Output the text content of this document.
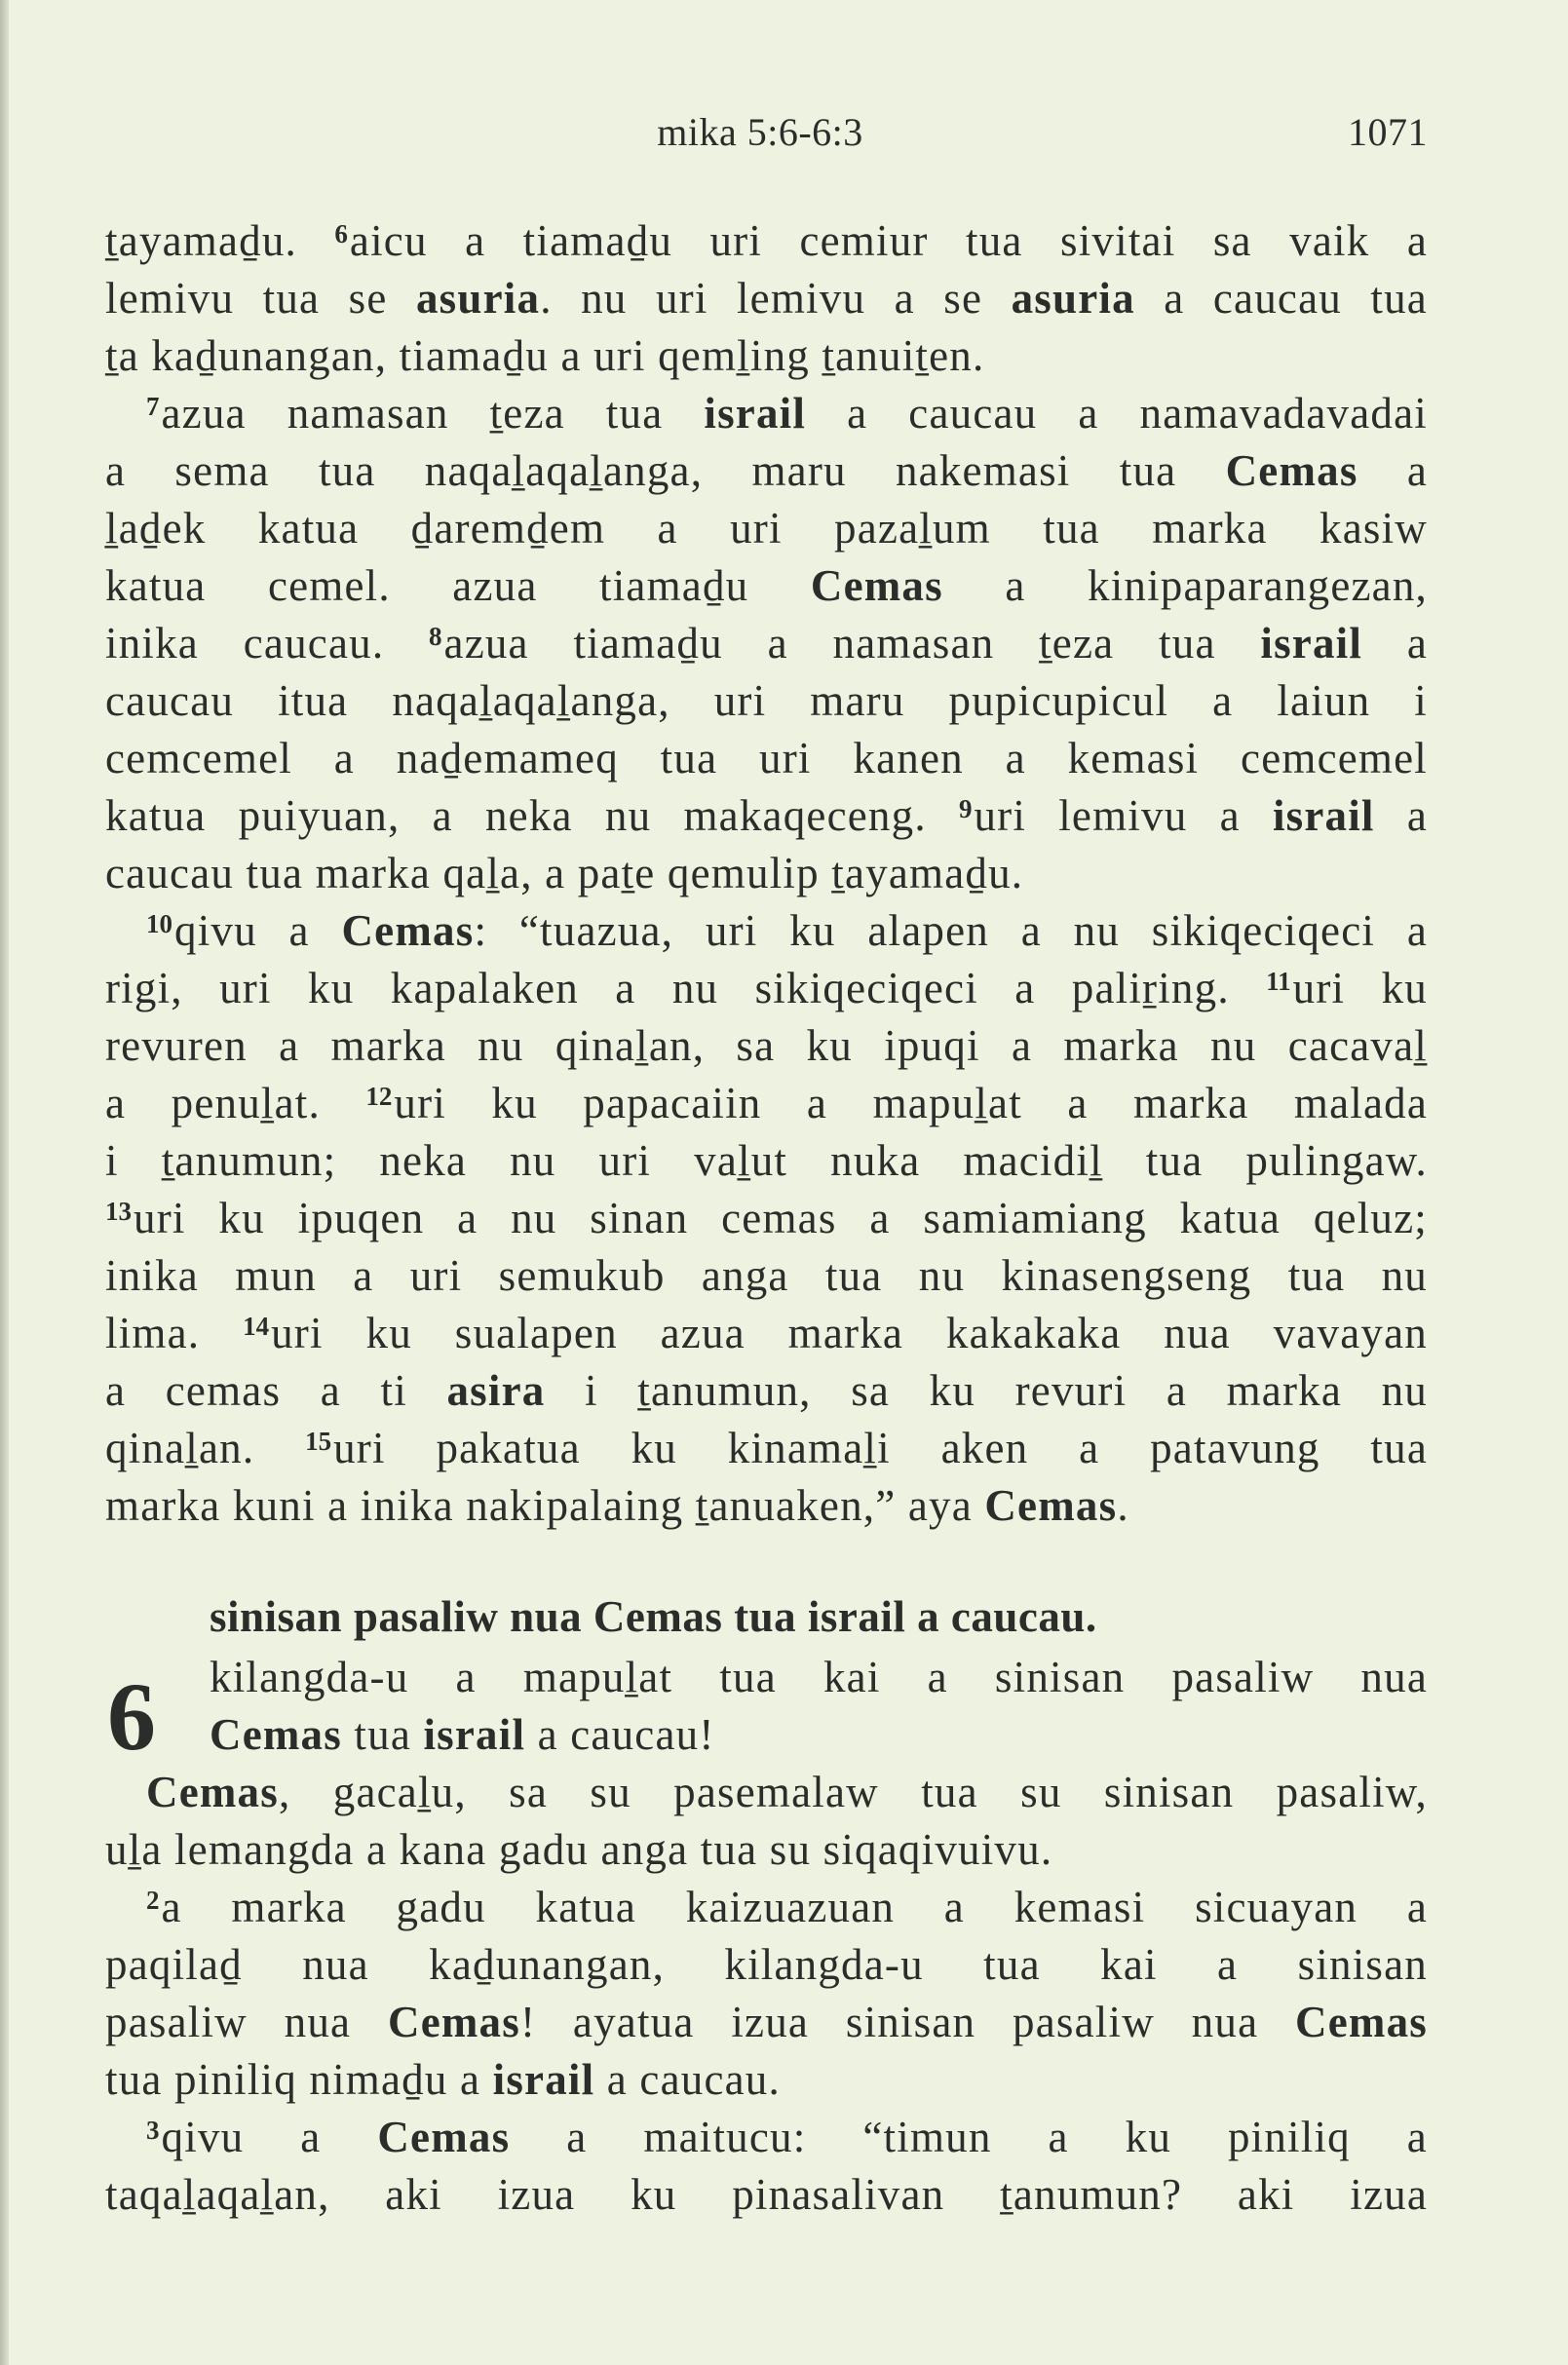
mika 5:6-6:3	1071
ṯayamaḏu. $^6$aicu a tiamaḏu uri cemiur tua sivitai sa vaik a
lemivu tua se asuria. nu uri lemivu a se asuria a caucau tua
ṯa kaḏunangan, tiamaḏu a uri qemḻing ṯanuiṯen.
$^7$azua namasan ṯeza tua israil a caucau a namavadavadai
a sema tua naqaḻaqaḻanga, maru nakemasi tua Cemas a
ḻaḏek katua ḏaremḏem a uri pazaḻum tua marka kasiw
katua cemel. azua tiamaḏu Cemas a kinipaparangezan,
inika caucau. $^8$azua tiamaḏu a namasan ṯeza tua israil a
caucau itua naqaḻaqaḻanga, uri maru pupicupicul a laiun i
cemcemel a naḏemameq tua uri kanen a kemasi cemcemel
katua puiyuan, a neka nu makaqeceng. $^9$uri lemivu a israil a
caucau tua marka qaḻa, a paṯe qemulip ṯayamaḏu.
$^{10}$qivu a Cemas: “tuazua, uri ku alapen a nu sikiqeciqeci a
rigi, uri ku kapalaken a nu sikiqeciqeci a paliṟing. $^{11}$uri ku
revuren a marka nu qinaḻan, sa ku ipuqi a marka nu cacavaḻ
a penuḻat. $^{12}$uri ku papacaiin a mapuḻat a marka malada
i ṯanumun; neka nu uri vaḻut nuka macidiḻ tua pulingaw.
$^{13}$uri ku ipuqen a nu sinan cemas a samiamiang katua qeluz;
inika mun a uri semukub anga tua nu kinasengseng tua nu
lima. $^{14}$uri ku sualapen azua marka kakakaka nua vavayan
a cemas a ti asira i ṯanumun, sa ku revuri a marka nu
qinaḻan. $^{15}$uri pakatua ku kinamaḻi aken a patavung tua
marka kuni a inika nakipalaing ṯanuaken,” aya Cemas.
sinisan pasaliw nua Cemas tua israil a caucau.
6	kilangda-u a mapuḻat tua kai a sinisan pasaliw nua
Cemas tua israil a caucau!
Cemas, gacaḻu, sa su pasemalaw tua su sinisan pasaliw,
uḻa lemangda a kana gadu anga tua su siqaqivuivu.
$^2$a marka gadu katua kaizuazuan a kemasi sicuayan a
paqilaḏ nua kaḏunangan, kilangda-u tua kai a sinisan
pasaliw nua Cemas! ayatua izua sinisan pasaliw nua Cemas
tua piniliq nimaḏu a israil a caucau.
$^3$qivu a Cemas a maitucu: “timun a ku piniliq a
taqaḻaqaḻan, aki izua ku pinasalivan ṯanumun? aki izua
